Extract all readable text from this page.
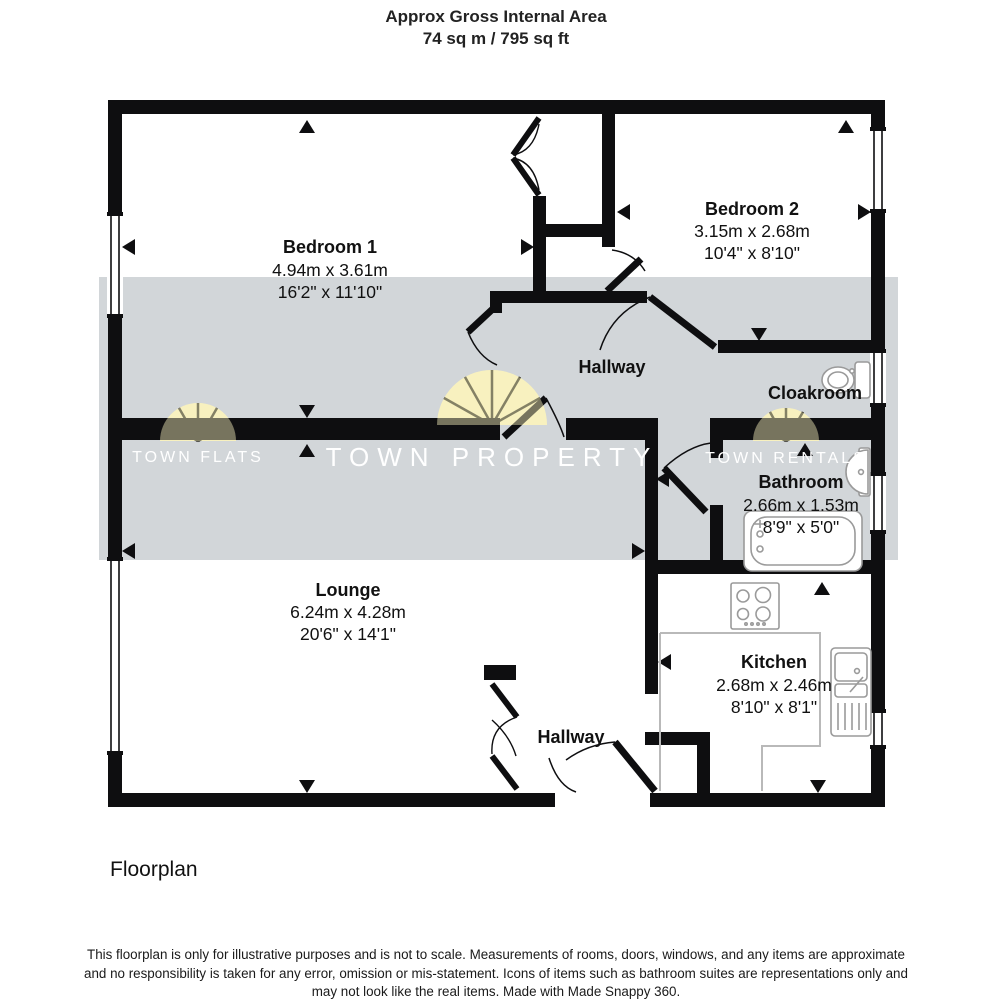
Approx Gross Internal Area
74 sq m / 795 sq ft
TOWN FLATS TOWN PROPERTY	TOWN RENTALS
Bedroom 1
4.94m x 3.61m
16'2" x 11'10"
Bedroom 2
3.15m x 2.68m
10'4" x 8'10"
Hallway
Cloakroom
Bathroom
2.66m x 1.53m
8'9" x 5'0"
Lounge
6.24m x 4.28m
20'6" x 14'1"
Kitchen
2.68m x 2.46m
8'10" x 8'1"
Hallway
Floorplan
This floorplan is only for illustrative purposes and is not to scale. Measurements of rooms, doors, windows, and any items are approximate
and no responsibility is taken for any error, omission or mis-statement. Icons of items such as bathroom suites are representations only and
may not look like the real items. Made with Made Snappy 360.
